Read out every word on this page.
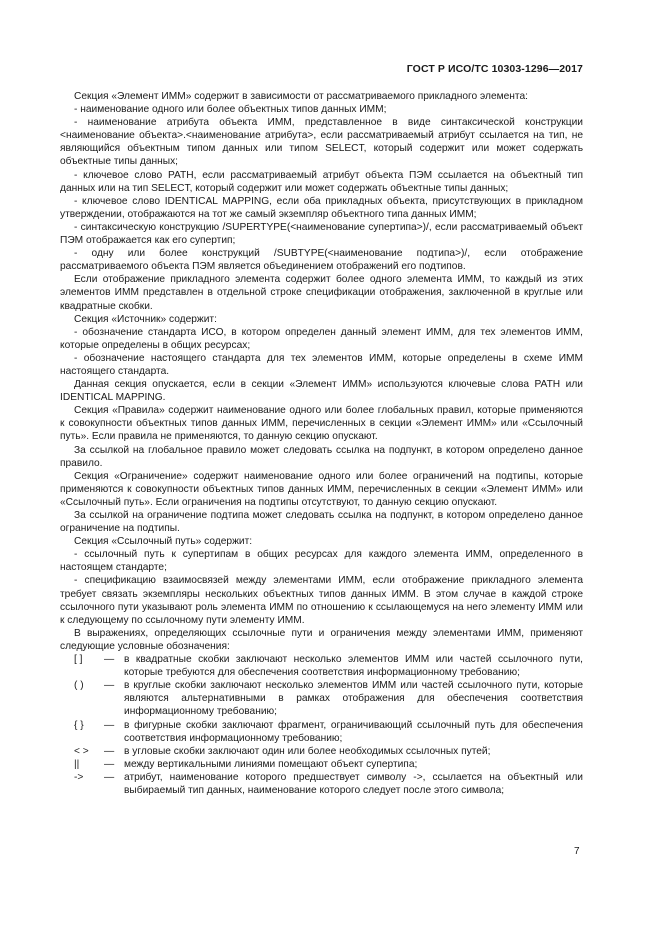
ГОСТ Р ИСО/ТС 10303-1296—2017

Секция «Элемент ИММ» содержит в зависимости от рассматриваемого прикладного элемента:

- наименование одного или более объектных типов данных ИММ;

- наименование атрибута объекта ИММ, представленное в виде синтаксической конструкции <наименование объекта>.<наименование атрибута>, если рассматриваемый атрибут ссылается на тип, не являющийся объектным типом данных или типом SELECT, который содержит или может содержать объектные типы данных;

- ключевое слово PATH, если рассматриваемый атрибут объекта ПЭМ ссылается на объектный тип данных или на тип SELECT, который содержит или может содержать объектные типы данных;

- ключевое слово IDENTICAL MAPPING, если оба прикладных объекта, присутствующих в прикладном утверждении, отображаются на тот же самый экземпляр объектного типа данных ИММ;

- синтаксическую конструкцию /SUPERTYPE(<наименование супертипа>)/, если рассматриваемый объект ПЭМ отображается как его супертип;

- одну или более конструкций /SUBTYPE(<наименование подтипа>)/, если отображение рассматриваемого объекта ПЭМ является объединением отображений его подтипов.

Если отображение прикладного элемента содержит более одного элемента ИММ, то каждый из этих элементов ИММ представлен в отдельной строке спецификации отображения, заключенной в круглые или квадратные скобки.

Секция «Источник» содержит:

- обозначение стандарта ИСО, в котором определен данный элемент ИММ, для тех элементов ИММ, которые определены в общих ресурсах;

- обозначение настоящего стандарта для тех элементов ИММ, которые определены в схеме ИММ настоящего стандарта.

Данная секция опускается, если в секции «Элемент ИММ» используются ключевые слова PATH или IDENTICAL MAPPING.

Секция «Правила» содержит наименование одного или более глобальных правил, которые применяются к совокупности объектных типов данных ИММ, перечисленных в секции «Элемент ИММ» или «Ссылочный путь». Если правила не применяются, то данную секцию опускают.

За ссылкой на глобальное правило может следовать ссылка на подпункт, в котором определено данное правило.

Секция «Ограничение» содержит наименование одного или более ограничений на подтипы, которые применяются к совокупности объектных типов данных ИММ, перечисленных в секции «Элемент ИММ» или «Ссылочный путь». Если ограничения на подтипы отсутствуют, то данную секцию опускают.

За ссылкой на ограничение подтипа может следовать ссылка на подпункт, в котором определено данное ограничение на подтипы.

Секция «Ссылочный путь» содержит:

- ссылочный путь к супертипам в общих ресурсах для каждого элемента ИММ, определенного в настоящем стандарте;

- спецификацию взаимосвязей между элементами ИММ, если отображение прикладного элемента требует связать экземпляры нескольких объектных типов данных ИММ. В этом случае в каждой строке ссылочного пути указывают роль элемента ИММ по отношению к ссылающемуся на него элементу ИММ или к следующему по ссылочному пути элементу ИММ.

В выражениях, определяющих ссылочные пути и ограничения между элементами ИММ, применяют следующие условные обозначения:

[ ]	— в квадратные скобки заключают несколько элементов ИММ или частей ссылочного пути, которые требуются для обеспечения соответствия информационному требованию;
( )	— в круглые скобки заключают несколько элементов ИММ или частей ссылочного пути, которые являются альтернативными в рамках отображения для обеспечения соответствия информационному требованию;
{ }	— в фигурные скобки заключают фрагмент, ограничивающий ссылочный путь для обеспечения соответствия информационному требованию;
< >	— в угловые скобки заключают один или более необходимых ссылочных путей;
||	— между вертикальными линиями помещают объект супертипа;
->	— атрибут, наименование которого предшествует символу ->, ссылается на объектный или выбираемый тип данных, наименование которого следует после этого символа;
7
